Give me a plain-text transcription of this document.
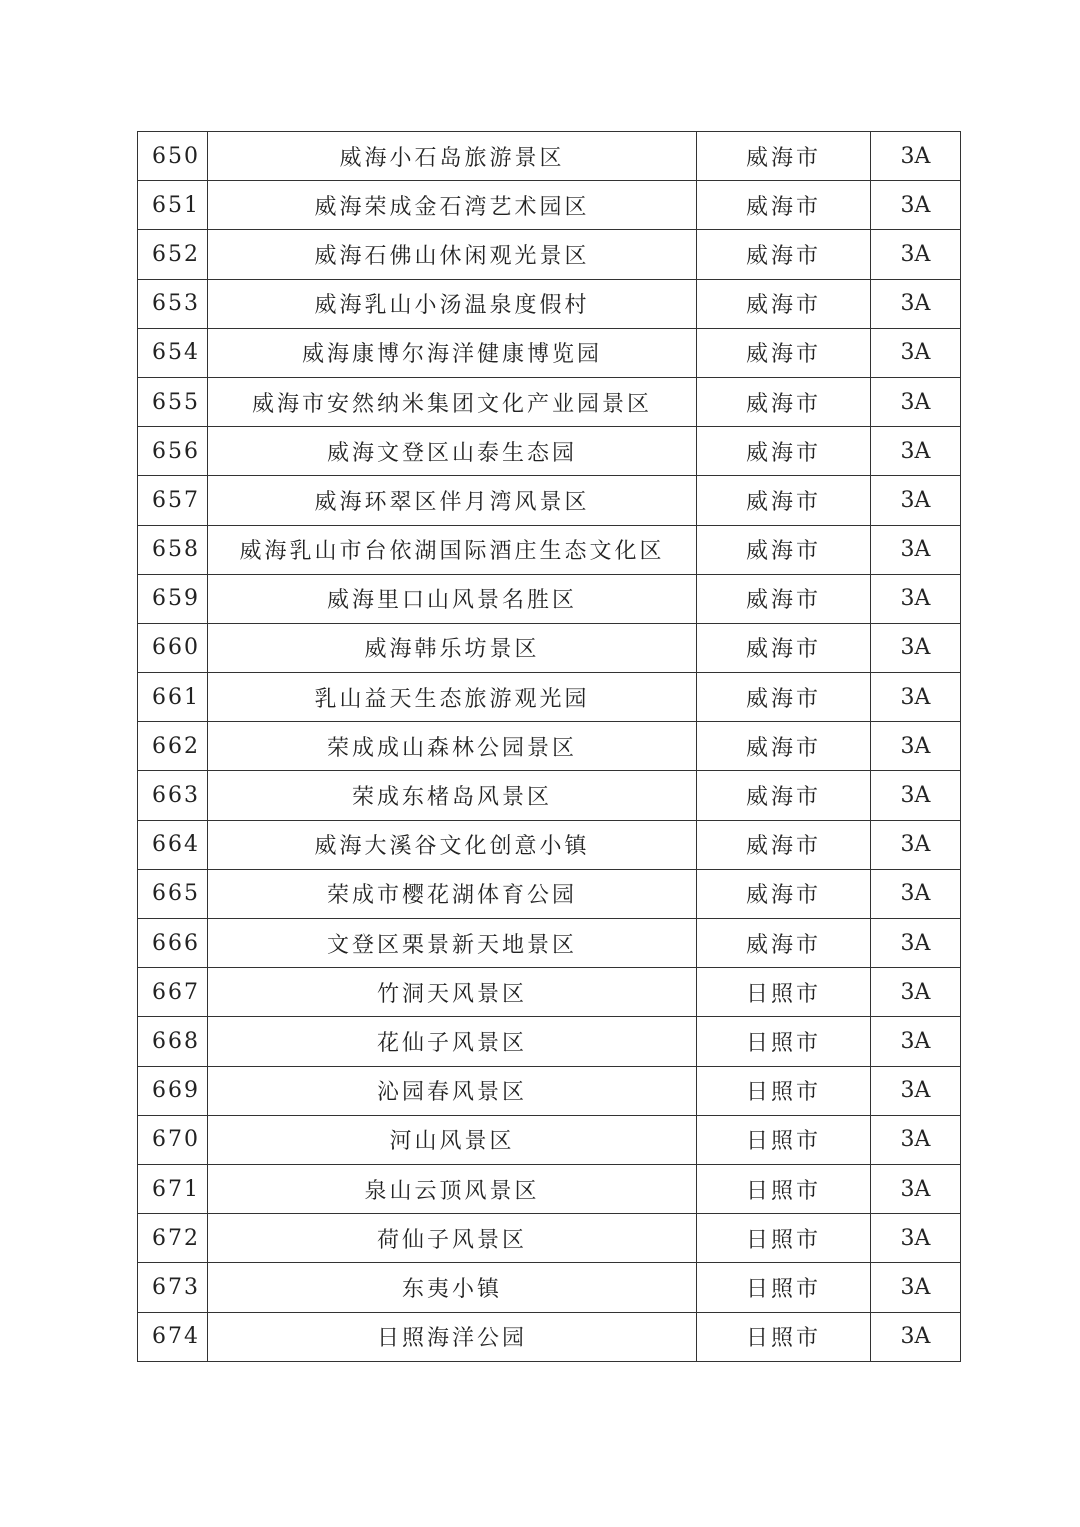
650	威海小石岛旅游景区	威海市	3A
651	威海荣成金石湾艺术园区	威海市	3A
652	威海石佛山休闲观光景区	威海市	3A
653	威海乳山小汤温泉度假村	威海市	3A
654	威海康博尔海洋健康博览园	威海市	3A
655	威海市安然纳米集团文化产业园景区	威海市	3A
656	威海文登区山泰生态园	威海市	3A
657	威海环翠区伴月湾风景区	威海市	3A
658	威海乳山市台依湖国际酒庄生态文化区	威海市	3A
659	威海里口山风景名胜区	威海市	3A
660	威海韩乐坊景区	威海市	3A
661	乳山益天生态旅游观光园	威海市	3A
662	荣成成山森林公园景区	威海市	3A
663	荣成东楮岛风景区	威海市	3A
664	威海大溪谷文化创意小镇	威海市	3A
665	荣成市樱花湖体育公园	威海市	3A
666	文登区栗景新天地景区	威海市	3A
667	竹洞天风景区	日照市	3A
668	花仙子风景区	日照市	3A
669	沁园春风景区	日照市	3A
670	河山风景区	日照市	3A
671	泉山云顶风景区	日照市	3A
672	荷仙子风景区	日照市	3A
673	东夷小镇	日照市	3A
674	日照海洋公园	日照市	3A
